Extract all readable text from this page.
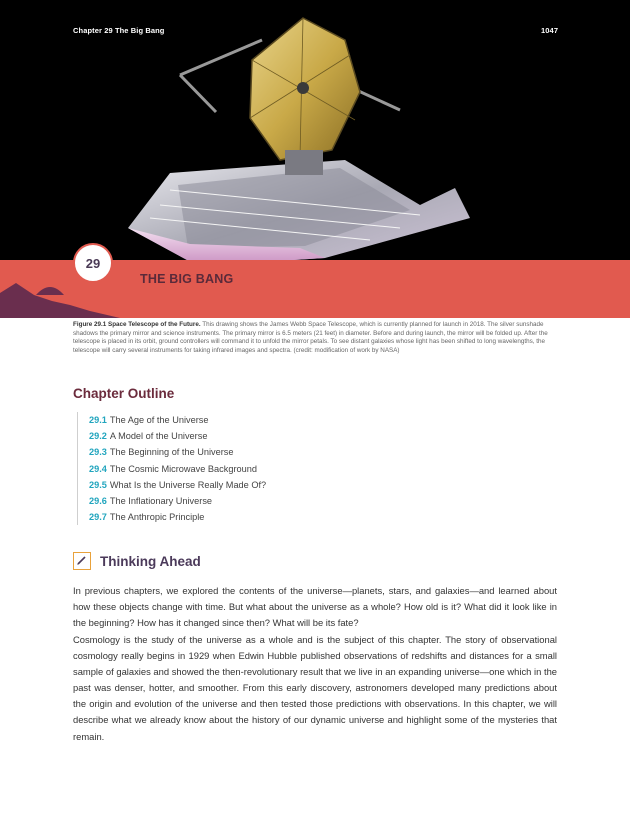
Chapter 29 The Big Bang	1047
29
THE BIG BANG
Figure 29.1 Space Telescope of the Future. This drawing shows the James Webb Space Telescope, which is currently planned for launch in 2018. The silver sunshade shadows the primary mirror and science instruments. The primary mirror is 6.5 meters (21 feet) in diameter. Before and during launch, the mirror will be folded up. After the telescope is placed in its orbit, ground controllers will command it to unfold the mirror petals. To see distant galaxies whose light has been shifted to long wavelengths, the telescope will carry several instruments for taking infrared images and spectra. (credit: modification of work by NASA)
Chapter Outline
29.1 The Age of the Universe
29.2 A Model of the Universe
29.3 The Beginning of the Universe
29.4 The Cosmic Microwave Background
29.5 What Is the Universe Really Made Of?
29.6 The Inflationary Universe
29.7 The Anthropic Principle
Thinking Ahead

In previous chapters, we explored the contents of the universe—planets, stars, and galaxies—and learned about how these objects change with time. But what about the universe as a whole? How old is it? What did it look like in the beginning? How has it changed since then? What will be its fate?

Cosmology is the study of the universe as a whole and is the subject of this chapter. The story of observational cosmology really begins in 1929 when Edwin Hubble published observations of redshifts and distances for a small sample of galaxies and showed the then-revolutionary result that we live in an expanding universe—one which in the past was denser, hotter, and smoother. From this early discovery, astronomers developed many predictions about the origin and evolution of the universe and then tested those predictions with observations. In this chapter, we will describe what we already know about the history of our dynamic universe and highlight some of the mysteries that remain.
